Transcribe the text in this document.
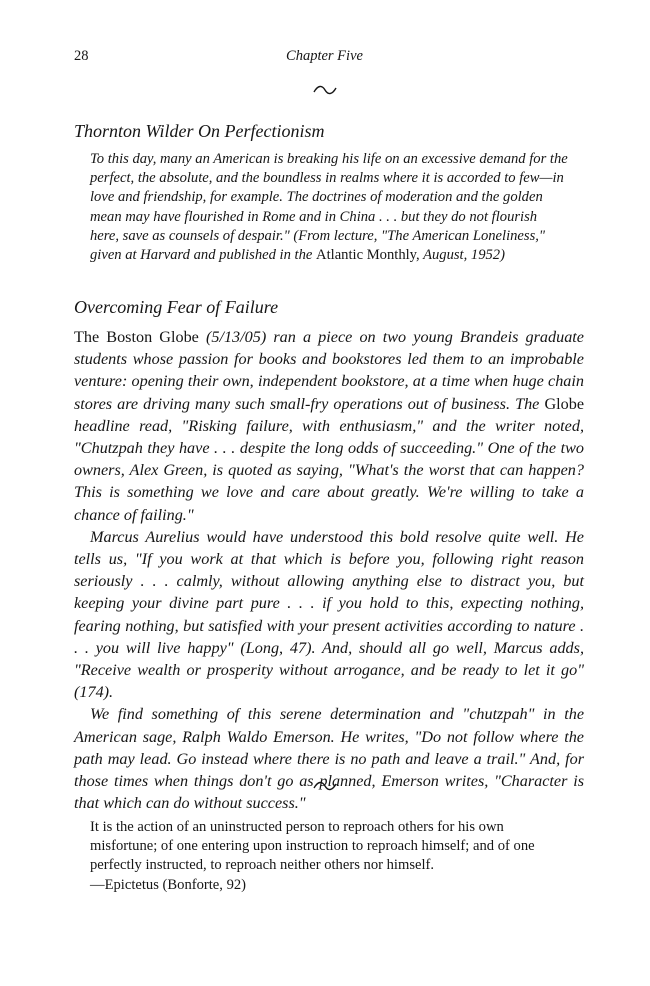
28	Chapter Five
Thornton Wilder On Perfectionism

To this day, many an American is breaking his life on an excessive demand for the perfect, the absolute, and the boundless in realms where it is accorded to few—in love and friendship, for example. The doctrines of moderation and the golden mean may have flourished in Rome and in China . . . but they do not flourish here, save as counsels of despair." (From lecture, "The American Loneliness," given at Harvard and published in the Atlantic Monthly, August, 1952)

Overcoming Fear of Failure

The Boston Globe (5/13/05) ran a piece on two young Brandeis graduate students whose passion for books and bookstores led them to an improbable venture: opening their own, independent bookstore, at a time when huge chain stores are driving many such small-fry operations out of business. The Globe headline read, "Risking failure, with enthusiasm," and the writer noted, "Chutzpah they have . . . despite the long odds of succeeding." One of the two owners, Alex Green, is quoted as saying, "What's the worst that can happen? This is something we love and care about greatly. We're willing to take a chance of failing."

Marcus Aurelius would have understood this bold resolve quite well. He tells us, "If you work at that which is before you, following right reason seriously . . . calmly, without allowing anything else to distract you, but keeping your divine part pure . . . if you hold to this, expecting nothing, fearing nothing, but satisfied with your present activities according to nature . . . you will live happy" (Long, 47). And, should all go well, Marcus adds, "Receive wealth or prosperity without arrogance, and be ready to let it go" (174).

We find something of this serene determination and "chutzpah" in the American sage, Ralph Waldo Emerson. He writes, "Do not follow where the path may lead. Go instead where there is no path and leave a trail." And, for those times when things don't go as planned, Emerson writes, "Character is that which can do without success."

It is the action of an uninstructed person to reproach others for his own misfortune; of one entering upon instruction to reproach himself; and of one perfectly instructed, to reproach neither others nor himself.

—Epictetus (Bonforte, 92)
